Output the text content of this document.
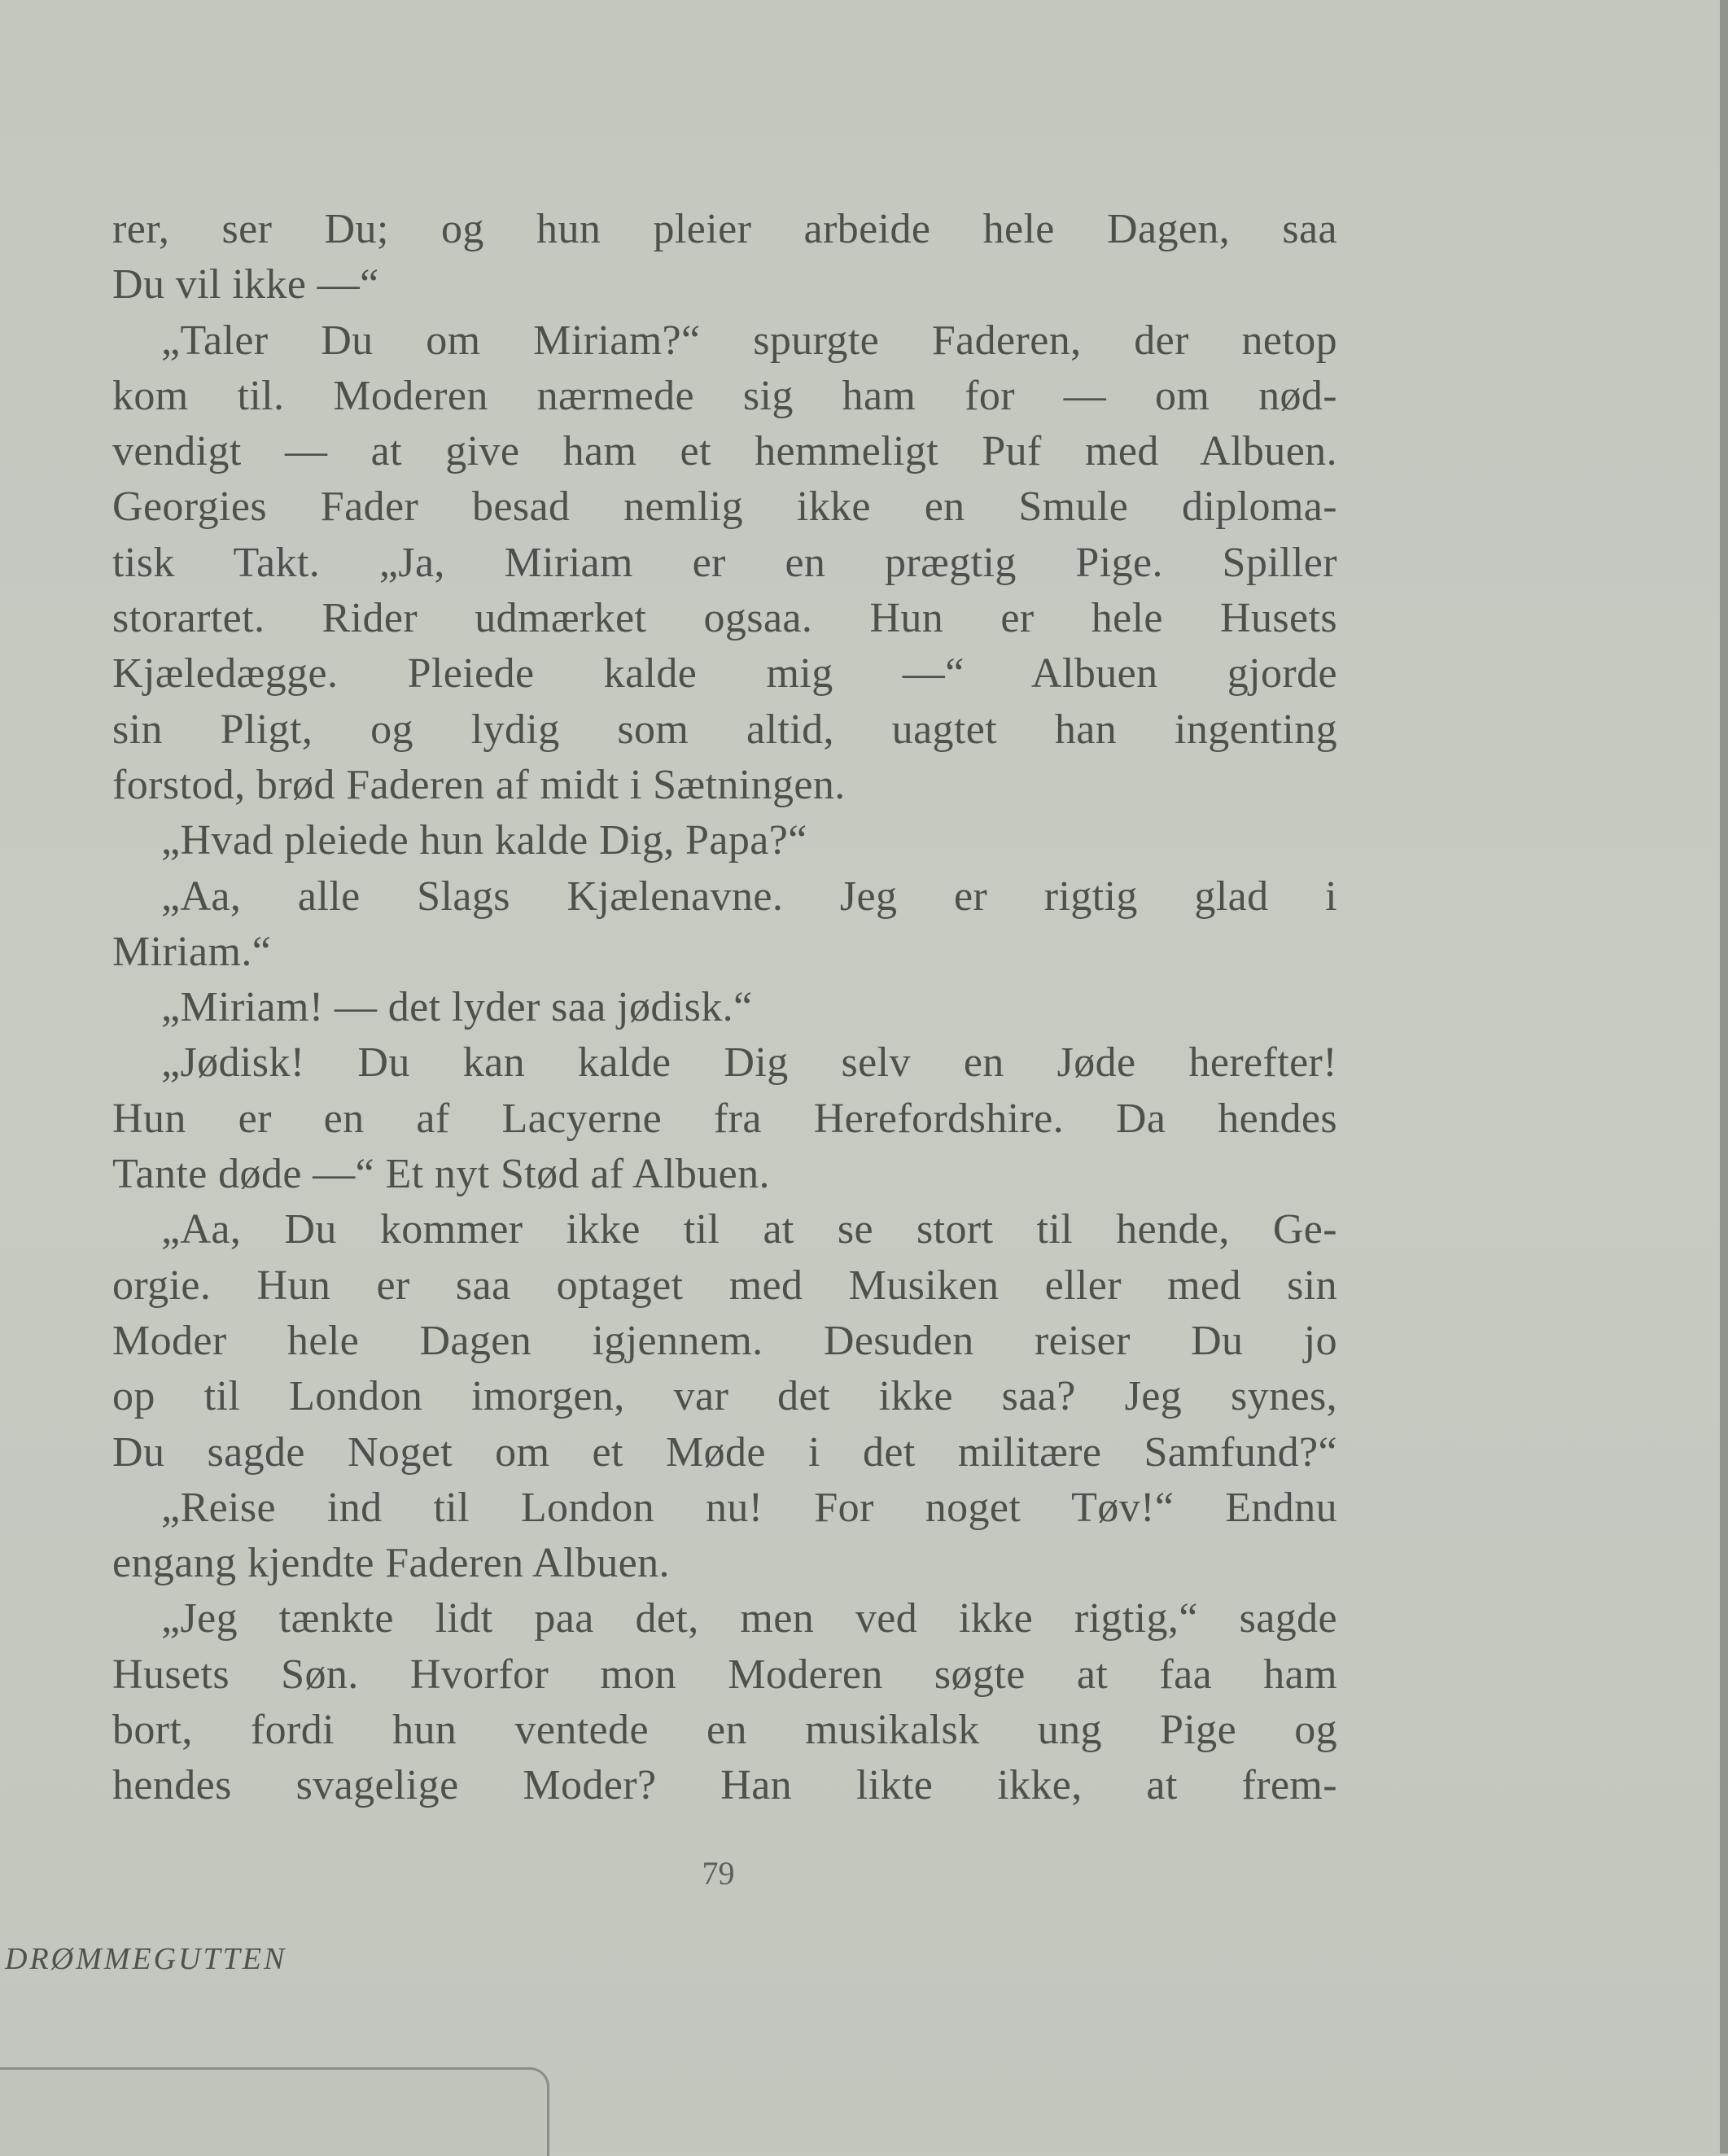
rer, ser Du; og hun pleier arbeide hele Dagen, saa
Du vil ikke —“
„Taler Du om Miriam?“ spurgte Faderen, der netop
kom til. Moderen nærmede sig ham for — om nød-
vendigt — at give ham et hemmeligt Puf med Albuen.
Georgies Fader besad nemlig ikke en Smule diploma-
tisk Takt. „Ja, Miriam er en prægtig Pige. Spiller
storartet. Rider udmærket ogsaa. Hun er hele Husets
Kjæledægge. Pleiede kalde mig —“ Albuen gjorde
sin Pligt, og lydig som altid, uagtet han ingenting
forstod, brød Faderen af midt i Sætningen.
„Hvad pleiede hun kalde Dig, Papa?“
„Aa, alle Slags Kjælenavne. Jeg er rigtig glad i
Miriam.“
„Miriam! — det lyder saa jødisk.“
„Jødisk! Du kan kalde Dig selv en Jøde herefter!
Hun er en af Lacyerne fra Herefordshire. Da hendes
Tante døde —“ Et nyt Stød af Albuen.
„Aa, Du kommer ikke til at se stort til hende, Ge-
orgie. Hun er saa optaget med Musiken eller med sin
Moder hele Dagen igjennem. Desuden reiser Du jo
op til London imorgen, var det ikke saa? Jeg synes,
Du sagde Noget om et Møde i det militære Samfund?“
„Reise ind til London nu! For noget Tøv!“ Endnu
engang kjendte Faderen Albuen.
„Jeg tænkte lidt paa det, men ved ikke rigtig,“ sagde
Husets Søn. Hvorfor mon Moderen søgte at faa ham
bort, fordi hun ventede en musikalsk ung Pige og
hendes svagelige Moder? Han likte ikke, at frem-
79
DRØMMEGUTTEN
